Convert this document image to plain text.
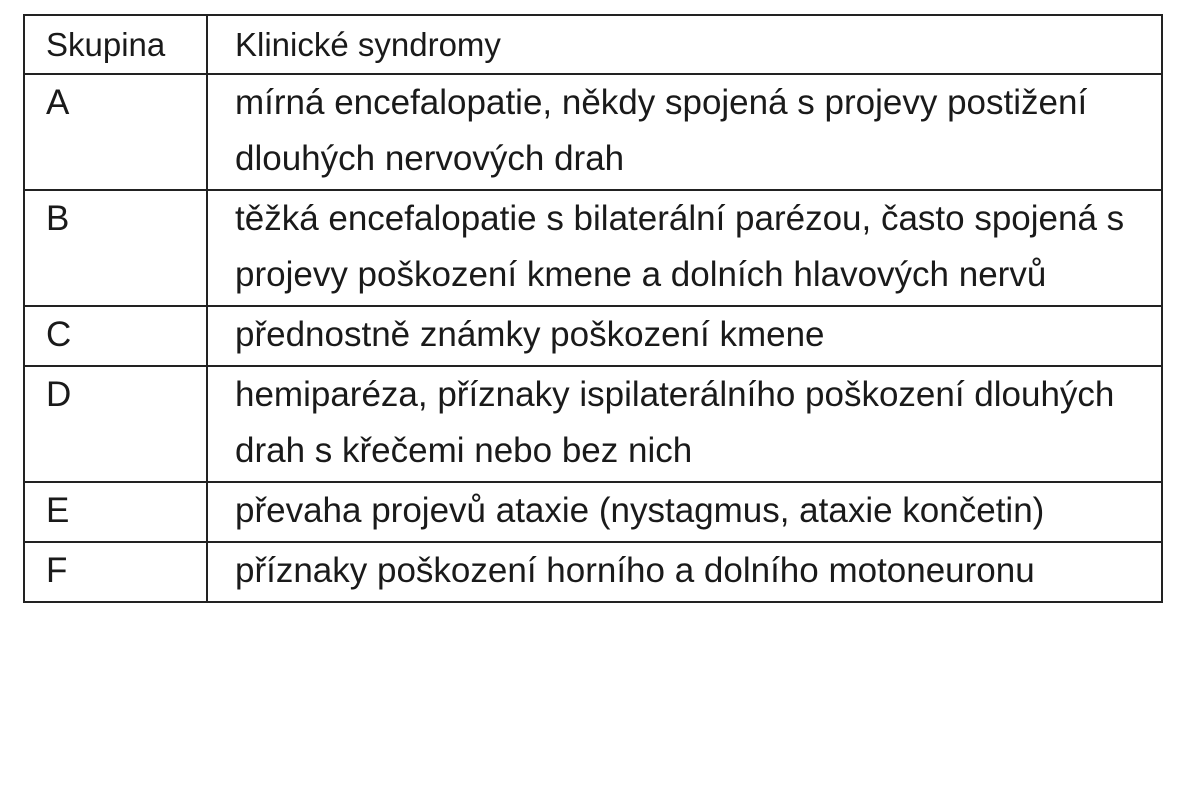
Skupina	Klinické syndromy
A	mírná encefalopatie, někdy spojená s projevy postižení dlouhých nervových drah
B	těžká encefalopatie s bilaterální parézou, často spojená s projevy poškození kmene a dolních hlavových nervů
C	přednostně známky poškození kmene
D	hemiparéza, příznaky ispilaterálního poškození dlouhých drah s křečemi nebo bez nich
E	převaha projevů ataxie (nystagmus, ataxie končetin)
F	příznaky poškození horního a dolního motoneuronu
